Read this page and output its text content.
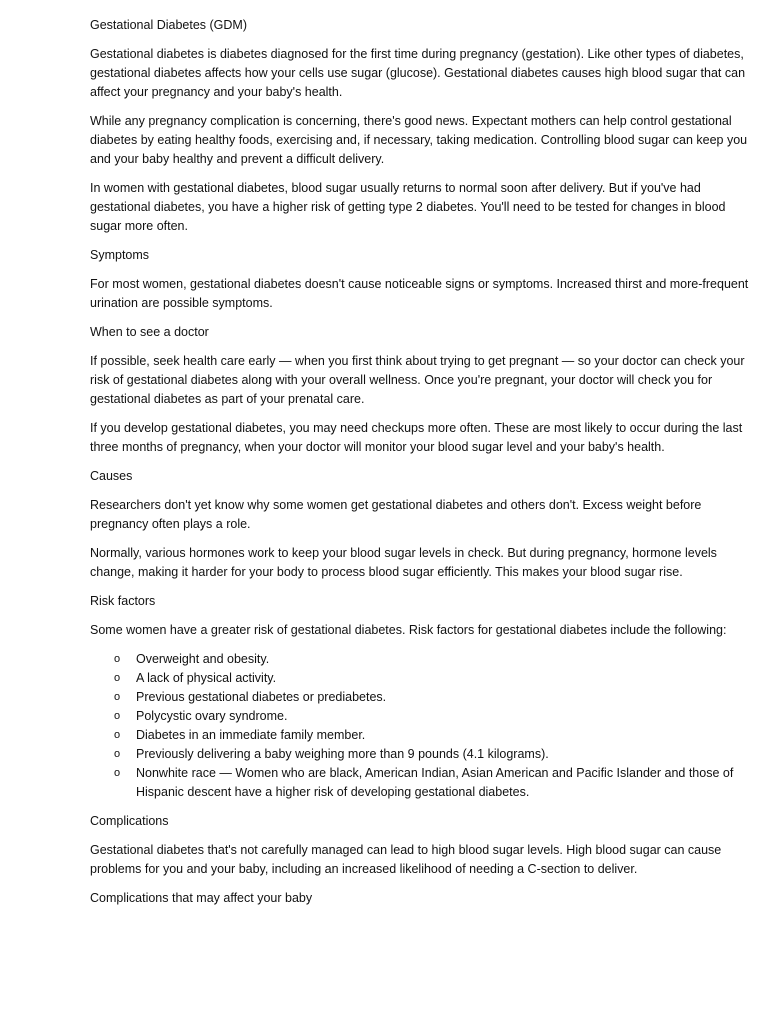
Gestational Diabetes (GDM)

Gestational diabetes is diabetes diagnosed for the first time during pregnancy (gestation). Like other types of diabetes, gestational diabetes affects how your cells use sugar (glucose). Gestational diabetes causes high blood sugar that can affect your pregnancy and your baby's health.

While any pregnancy complication is concerning, there's good news. Expectant mothers can help control gestational diabetes by eating healthy foods, exercising and, if necessary, taking medication. Controlling blood sugar can keep you and your baby healthy and prevent a difficult delivery.

In women with gestational diabetes, blood sugar usually returns to normal soon after delivery. But if you've had gestational diabetes, you have a higher risk of getting type 2 diabetes. You'll need to be tested for changes in blood sugar more often.

Symptoms

For most women, gestational diabetes doesn't cause noticeable signs or symptoms. Increased thirst and more-frequent urination are possible symptoms.

When to see a doctor

If possible, seek health care early — when you first think about trying to get pregnant — so your doctor can check your risk of gestational diabetes along with your overall wellness. Once you're pregnant, your doctor will check you for gestational diabetes as part of your prenatal care.

If you develop gestational diabetes, you may need checkups more often. These are most likely to occur during the last three months of pregnancy, when your doctor will monitor your blood sugar level and your baby's health.

Causes

Researchers don't yet know why some women get gestational diabetes and others don't. Excess weight before pregnancy often plays a role.

Normally, various hormones work to keep your blood sugar levels in check. But during pregnancy, hormone levels change, making it harder for your body to process blood sugar efficiently. This makes your blood sugar rise.

Risk factors

Some women have a greater risk of gestational diabetes. Risk factors for gestational diabetes include the following:

o Overweight and obesity.
o A lack of physical activity.
o Previous gestational diabetes or prediabetes.
o Polycystic ovary syndrome.
o Diabetes in an immediate family member.
o Previously delivering a baby weighing more than 9 pounds (4.1 kilograms).
o Nonwhite race — Women who are black, American Indian, Asian American and Pacific Islander and those of Hispanic descent have a higher risk of developing gestational diabetes.
Complications

Gestational diabetes that's not carefully managed can lead to high blood sugar levels. High blood sugar can cause problems for you and your baby, including an increased likelihood of needing a C-section to deliver.

Complications that may affect your baby
